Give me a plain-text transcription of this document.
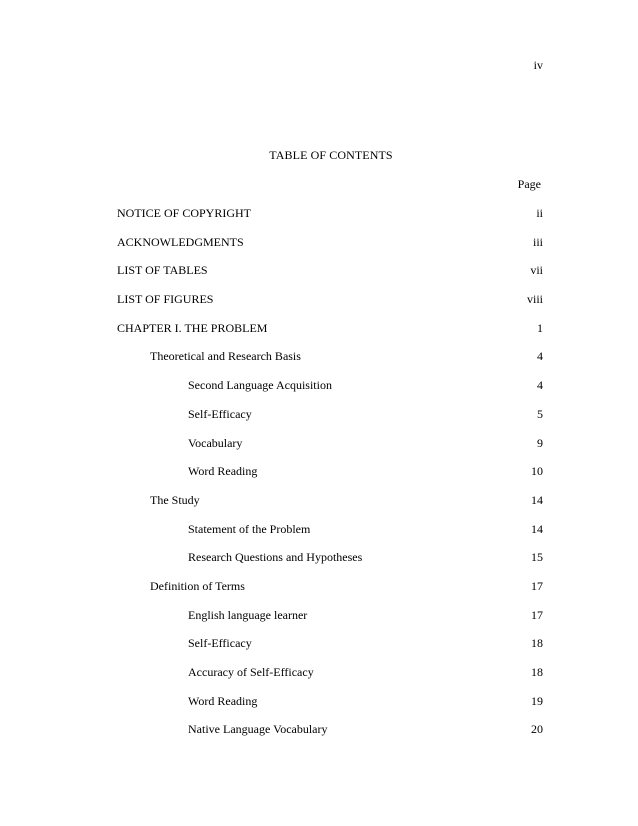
iv
TABLE OF CONTENTS
Page
NOTICE OF COPYRIGHT	ii
ACKNOWLEDGMENTS	iii
LIST OF TABLES	vii
LIST OF FIGURES	viii
CHAPTER I. THE PROBLEM	1
Theoretical and Research Basis	4
Second Language Acquisition	4
Self-Efficacy	5
Vocabulary	9
Word Reading	10
The Study	14
Statement of the Problem	14
Research Questions and Hypotheses	15
Definition of Terms	17
English language learner	17
Self-Efficacy	18
Accuracy of Self-Efficacy	18
Word Reading	19
Native Language Vocabulary	20
